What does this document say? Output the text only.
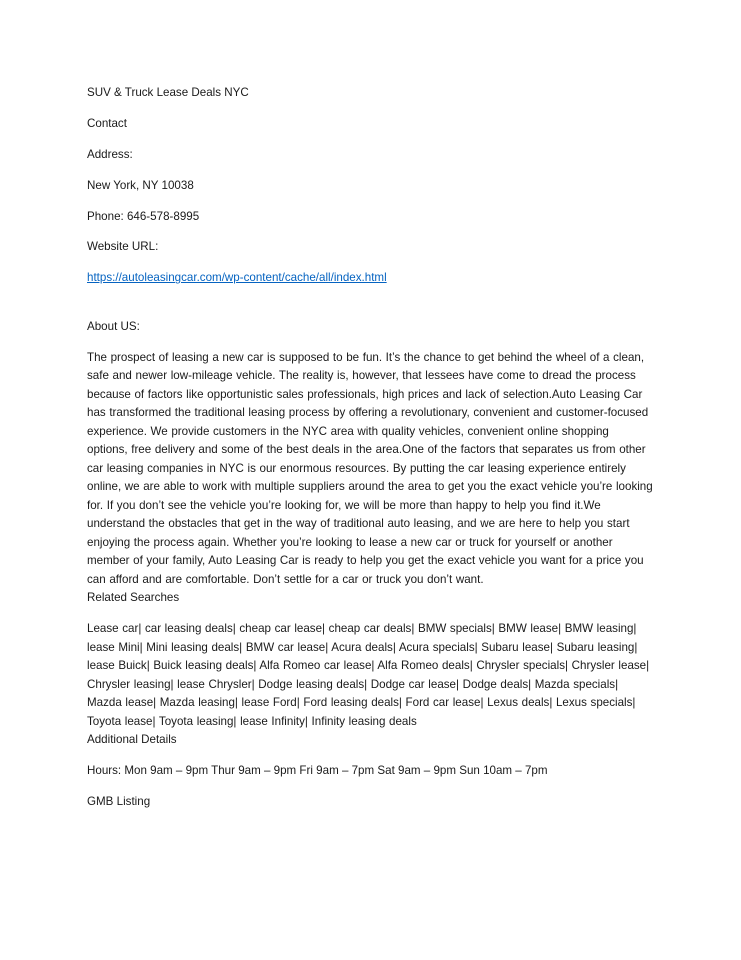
SUV & Truck Lease Deals NYC

Contact

Address:

New York, NY 10038

Phone: 646-578-8995

Website URL:

https://autoleasingcar.com/wp-content/cache/all/index.html

About US:

The prospect of leasing a new car is supposed to be fun. It’s the chance to get behind the wheel of a clean, safe and newer low-mileage vehicle. The reality is, however, that lessees have come to dread the process because of factors like opportunistic sales professionals, high prices and lack of selection.Auto Leasing Car has transformed the traditional leasing process by offering a revolutionary, convenient and customer-focused experience. We provide customers in the NYC area with quality vehicles, convenient online shopping options, free delivery and some of the best deals in the area.One of the factors that separates us from other car leasing companies in NYC is our enormous resources. By putting the car leasing experience entirely online, we are able to work with multiple suppliers around the area to get you the exact vehicle you’re looking for. If you don’t see the vehicle you’re looking for, we will be more than happy to help you find it.We understand the obstacles that get in the way of traditional auto leasing, and we are here to help you start enjoying the process again. Whether you’re looking to lease a new car or truck for yourself or another member of your family, Auto Leasing Car is ready to help you get the exact vehicle you want for a price you can afford and are comfortable. Don’t settle for a car or truck you don’t want.

Related Searches

Lease car| car leasing deals| cheap car lease| cheap car deals| BMW specials| BMW lease| BMW leasing| lease Mini| Mini leasing deals| BMW car lease| Acura deals| Acura specials| Subaru lease| Subaru leasing| lease Buick| Buick leasing deals| Alfa Romeo car lease| Alfa Romeo deals| Chrysler specials| Chrysler lease| Chrysler leasing| lease Chrysler| Dodge leasing deals| Dodge car lease| Dodge deals| Mazda specials| Mazda lease| Mazda leasing| lease Ford| Ford leasing deals| Ford car lease| Lexus deals| Lexus specials| Toyota lease| Toyota leasing| lease Infinity| Infinity leasing deals

Additional Details

Hours: Mon 9am – 9pm Thur 9am – 9pm Fri 9am – 7pm Sat 9am – 9pm Sun 10am – 7pm

GMB Listing
